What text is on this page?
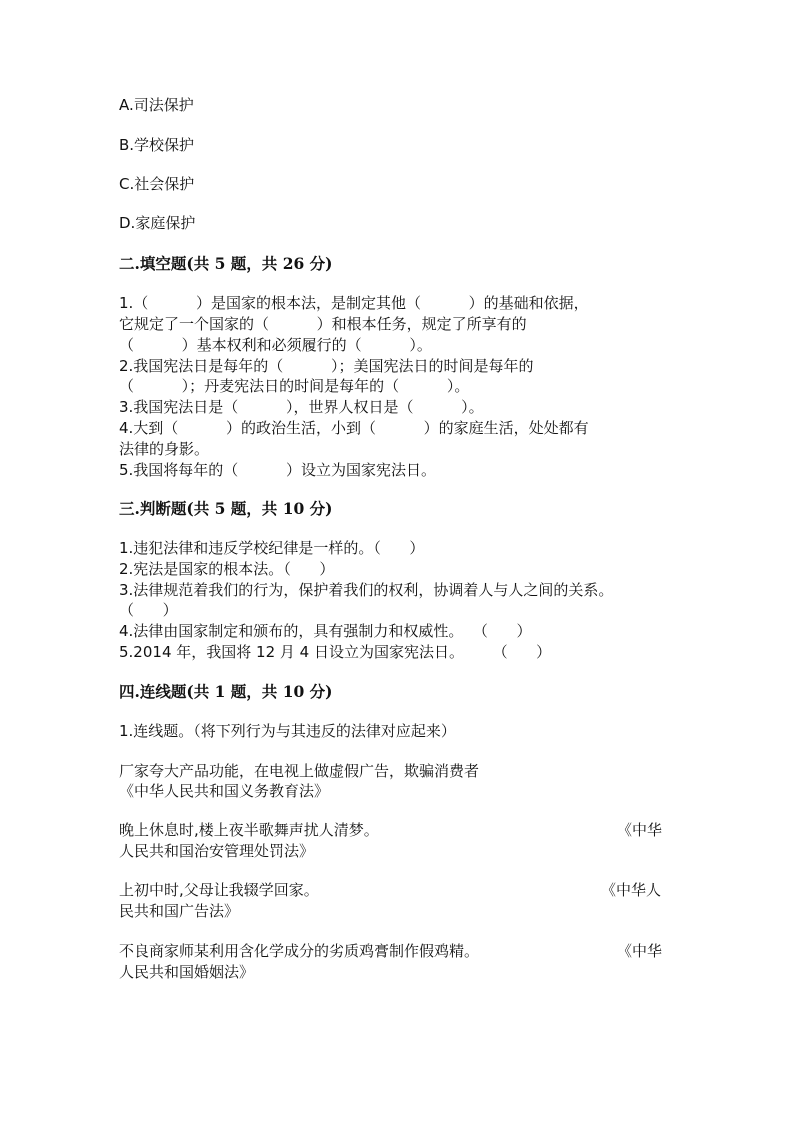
A.司法保护
B.学校保护
C.社会保护
D.家庭保护
二.填空题(共 5 题，共 26 分)
1.（          ）是国家的根本法，是制定其他（          ）的基础和依据，
它规定了一个国家的（          ）和根本任务，规定了所享有的
（          ）基本权利和必须履行的（          ）。
2.我国宪法日是每年的（          ）；美国宪法日的时间是每年的
（          ）；丹麦宪法日的时间是每年的（          ）。
3.我国宪法日是（          ），世界人权日是（          ）。
4.大到（          ）的政治生活，小到（          ）的家庭生活，处处都有
法律的身影。
5.我国将每年的（          ）设立为国家宪法日。
三.判断题(共 5 题，共 10 分)
1.违犯法律和违反学校纪律是一样的。（      ）
2.宪法是国家的根本法。（      ）
3.法律规范着我们的行为，保护着我们的权利，协调着人与人之间的关系。
（      ）
4.法律由国家制定和颁布的，具有强制力和权威性。  （      ）
5.2014 年，我国将 12 月 4 日设立为国家宪法日。      （      ）
四.连线题(共 1 题，共 10 分)
1.连线题。（将下列行为与其违反的法律对应起来）
厂家夸大产品功能，在电视上做虚假广告，欺骗消费者
《中华人民共和国义务教育法》
晚上休息时,楼上夜半歌舞声扰人清梦。	《中华
人民共和国治安管理处罚法》
上初中时,父母让我辍学回家。	《中华人
民共和国广告法》
不良商家师某利用含化学成分的劣质鸡膏制作假鸡精。	《中华
人民共和国婚姻法》
